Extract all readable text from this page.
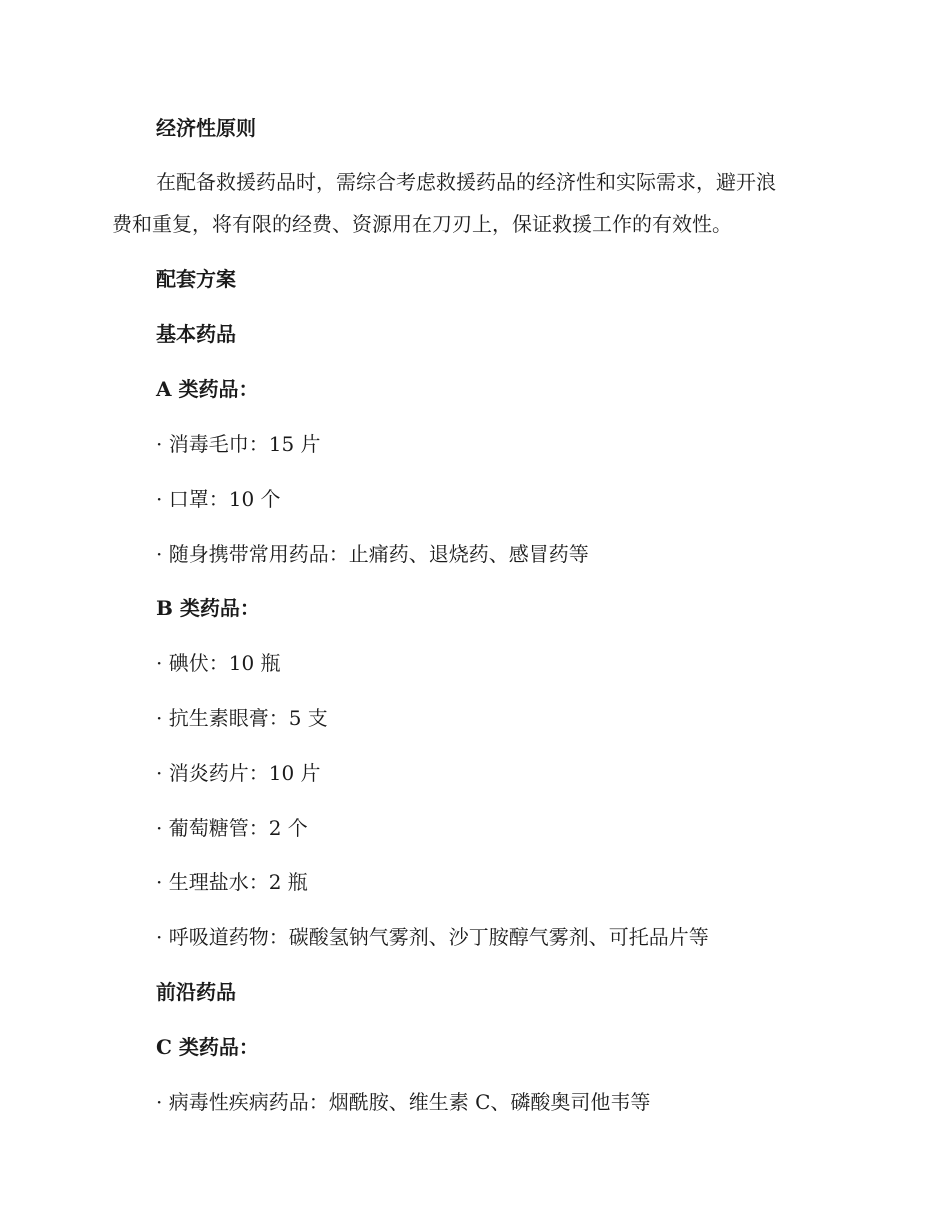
经济性原则
在配备救援药品时，需综合考虑救援药品的经济性和实际需求，避开浪
费和重复，将有限的经费、资源用在刀刃上，保证救援工作的有效性。
配套方案
基本药品
A 类药品：
· 消毒毛巾：15 片
· 口罩：10 个
· 随身携带常用药品：止痛药、退烧药、感冒药等
B 类药品：
· 碘伏：10 瓶
· 抗生素眼膏：5 支
· 消炎药片：10 片
· 葡萄糖管：2 个
· 生理盐水：2 瓶
· 呼吸道药物：碳酸氢钠气雾剂、沙丁胺醇气雾剂、可托品片等
前沿药品
C 类药品：
· 病毒性疾病药品：烟酰胺、维生素 C、磷酸奥司他韦等
